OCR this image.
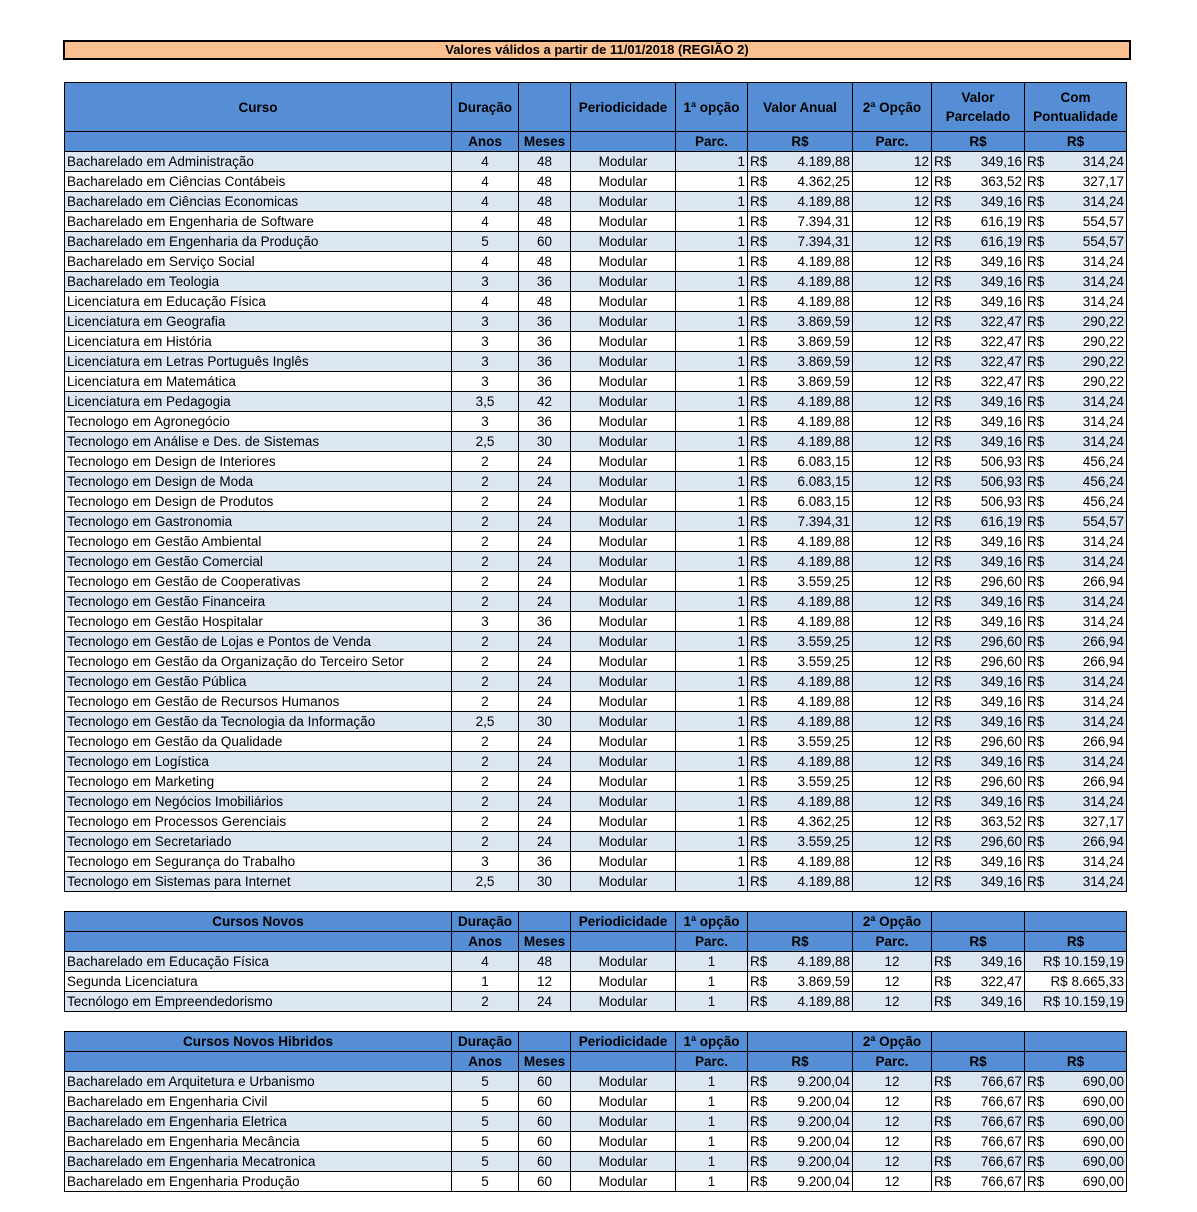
Valores válidos a partir de 11/01/2018 (REGIÃO 2)
Curso	Duração		Periodicidade	1ª opção	Valor Anual	2ª Opção	Valor Parcelado	Com Pontualidade
	Anos	Meses		Parc.	R$	Parc.	R$	R$
Bacharelado em Administração	4	48	Modular	1	R$ 4.189,88	12	R$ 349,16	R$ 314,24

Bacharelado em Ciências Contábeis	4	48	Modular	1	R$ 4.362,25	12	R$ 363,52	R$ 327,17

Bacharelado em Ciências Economicas	4	48	Modular	1	R$ 4.189,88	12	R$ 349,16	R$ 314,24

Bacharelado em Engenharia de Software	4	48	Modular	1	R$ 7.394,31	12	R$ 616,19	R$ 554,57

Bacharelado em Engenharia da Produção	5	60	Modular	1	R$ 7.394,31	12	R$ 616,19	R$ 554,57

Bacharelado em Serviço Social	4	48	Modular	1	R$ 4.189,88	12	R$ 349,16	R$ 314,24

Bacharelado em Teologia	3	36	Modular	1	R$ 4.189,88	12	R$ 349,16	R$ 314,24

Licenciatura em Educação Física	4	48	Modular	1	R$ 4.189,88	12	R$ 349,16	R$ 314,24

Licenciatura em Geografia	3	36	Modular	1	R$ 3.869,59	12	R$ 322,47	R$ 290,22

Licenciatura em História	3	36	Modular	1	R$ 3.869,59	12	R$ 322,47	R$ 290,22

Licenciatura em Letras Português Inglês	3	36	Modular	1	R$ 3.869,59	12	R$ 322,47	R$ 290,22

Licenciatura em Matemática	3	36	Modular	1	R$ 3.869,59	12	R$ 322,47	R$ 290,22

Licenciatura em Pedagogia	3,5	42	Modular	1	R$ 4.189,88	12	R$ 349,16	R$ 314,24

Tecnologo em Agronegócio	3	36	Modular	1	R$ 4.189,88	12	R$ 349,16	R$ 314,24

Tecnologo em Análise e Des. de Sistemas	2,5	30	Modular	1	R$ 4.189,88	12	R$ 349,16	R$ 314,24

Tecnologo em Design de Interiores	2	24	Modular	1	R$ 6.083,15	12	R$ 506,93	R$ 456,24

Tecnologo em Design de Moda	2	24	Modular	1	R$ 6.083,15	12	R$ 506,93	R$ 456,24

Tecnologo em Design de Produtos	2	24	Modular	1	R$ 6.083,15	12	R$ 506,93	R$ 456,24

Tecnologo em Gastronomia	2	24	Modular	1	R$ 7.394,31	12	R$ 616,19	R$ 554,57

Tecnologo em Gestão Ambiental	2	24	Modular	1	R$ 4.189,88	12	R$ 349,16	R$ 314,24

Tecnologo em Gestão Comercial	2	24	Modular	1	R$ 4.189,88	12	R$ 349,16	R$ 314,24

Tecnologo em Gestão de Cooperativas	2	24	Modular	1	R$ 3.559,25	12	R$ 296,60	R$ 266,94

Tecnologo em Gestão Financeira	2	24	Modular	1	R$ 4.189,88	12	R$ 349,16	R$ 314,24

Tecnologo em Gestão Hospitalar	3	36	Modular	1	R$ 4.189,88	12	R$ 349,16	R$ 314,24

Tecnologo em Gestão de Lojas e Pontos de Venda	2	24	Modular	1	R$ 3.559,25	12	R$ 296,60	R$ 266,94

Tecnologo em Gestão da Organização do Terceiro Setor	2	24	Modular	1	R$ 3.559,25	12	R$ 296,60	R$ 266,94

Tecnologo em Gestão Pública	2	24	Modular	1	R$ 4.189,88	12	R$ 349,16	R$ 314,24

Tecnologo em Gestão de Recursos Humanos	2	24	Modular	1	R$ 4.189,88	12	R$ 349,16	R$ 314,24

Tecnologo em Gestão da Tecnologia da Informação	2,5	30	Modular	1	R$ 4.189,88	12	R$ 349,16	R$ 314,24

Tecnologo em Gestão da Qualidade	2	24	Modular	1	R$ 3.559,25	12	R$ 296,60	R$ 266,94

Tecnologo em Logística	2	24	Modular	1	R$ 4.189,88	12	R$ 349,16	R$ 314,24

Tecnologo em Marketing	2	24	Modular	1	R$ 3.559,25	12	R$ 296,60	R$ 266,94

Tecnologo em Negócios Imobiliários	2	24	Modular	1	R$ 4.189,88	12	R$ 349,16	R$ 314,24

Tecnologo em Processos Gerenciais	2	24	Modular	1	R$ 4.362,25	12	R$ 363,52	R$ 327,17

Tecnologo em Secretariado	2	24	Modular	1	R$ 3.559,25	12	R$ 296,60	R$ 266,94

Tecnologo em Segurança do Trabalho	3	36	Modular	1	R$ 4.189,88	12	R$ 349,16	R$ 314,24

Tecnologo em Sistemas para Internet	2,5	30	Modular	1	R$ 4.189,88	12	R$ 349,16	R$ 314,24
Cursos Novos	Duração		Periodicidade	1ª opção		2ª Opção		
	Anos	Meses		Parc.	R$	Parc.	R$	R$
Bacharelado em Educação Física	4	48	Modular	1	R$ 4.189,88	12	R$ 349,16	R$ 10.159,19
Segunda Licenciatura	1	12	Modular	1	R$ 3.869,59	12	R$ 322,47	R$ 8.665,33
Tecnólogo em Empreendedorismo	2	24	Modular	1	R$ 4.189,88	12	R$ 349,16	R$ 10.159,19
Cursos Novos Hibridos	Duração		Periodicidade	1ª opção		2ª Opção		
	Anos	Meses		Parc.	R$	Parc.	R$	R$
Bacharelado em Arquitetura e Urbanismo	5	60	Modular	1	R$ 9.200,04	12	R$ 766,67	R$ 690,00

Bacharelado em Engenharia Civil	5	60	Modular	1	R$ 9.200,04	12	R$ 766,67	R$ 690,00

Bacharelado em Engenharia Eletrica	5	60	Modular	1	R$ 9.200,04	12	R$ 766,67	R$ 690,00

Bacharelado em Engenharia Mecância	5	60	Modular	1	R$ 9.200,04	12	R$ 766,67	R$ 690,00

Bacharelado em Engenharia Mecatronica	5	60	Modular	1	R$ 9.200,04	12	R$ 766,67	R$ 690,00

Bacharelado em Engenharia Produção	5	60	Modular	1	R$ 9.200,04	12	R$ 766,67	R$ 690,00
